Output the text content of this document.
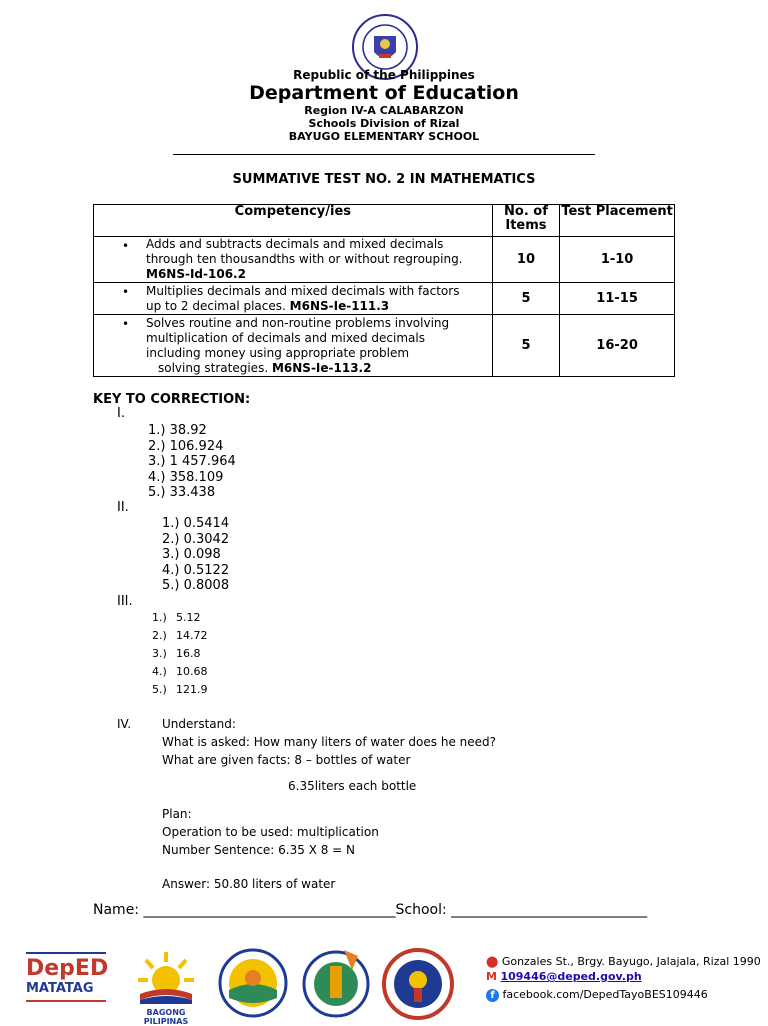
Republic of the Philippines
Department of Education
Region IV-A CALABARZON
Schools Division of Rizal
BAYUGO ELEMENTARY SCHOOL
SUMMATIVE TEST NO. 2 IN MATHEMATICS
Competency/ies	No. of Items	Test Placement

• Adds and subtracts decimals and mixed decimals
through ten thousandths with or without regrouping.
M6NS-Id-106.2	10	1-10

• Multiplies decimals and mixed decimals with factors
up to 2 decimal places. M6NS-Ie-111.3	5	11-15

• Solves routine and non-routine problems involving
multiplication of decimals and mixed decimals
including money using appropriate problem
solving strategies. M6NS-Ie-113.2	5	16-20
KEY TO CORRECTION:
I.
1.) 38.92
2.) 106.924
3.) 1 457.964
4.) 358.109
5.) 33.438
II.
1.) 0.5414
2.) 0.3042
3.) 0.098
4.) 0.5122
5.) 0.8008
III.
1.) 5.12
2.) 14.72
3.) 16.8
4.) 10.68
5.) 121.9
IV.	Understand:
What is asked: How many liters of water does he need?
What are given facts: 8 – bottles of water
6.35liters each bottle
Plan:
Operation to be used: multiplication
Number Sentence: 6.35 X 8 = N
Answer: 50.80 liters of water
Name: ____________________________________School: ____________________________
DepED
MATATAG
BAGONG PILIPINAS
⬤ Gonzales St., Brgy. Bayugo, Jalajala, Rizal 1990
M 109446@deped.gov.ph
f facebook.com/DepedTayoBES109446
